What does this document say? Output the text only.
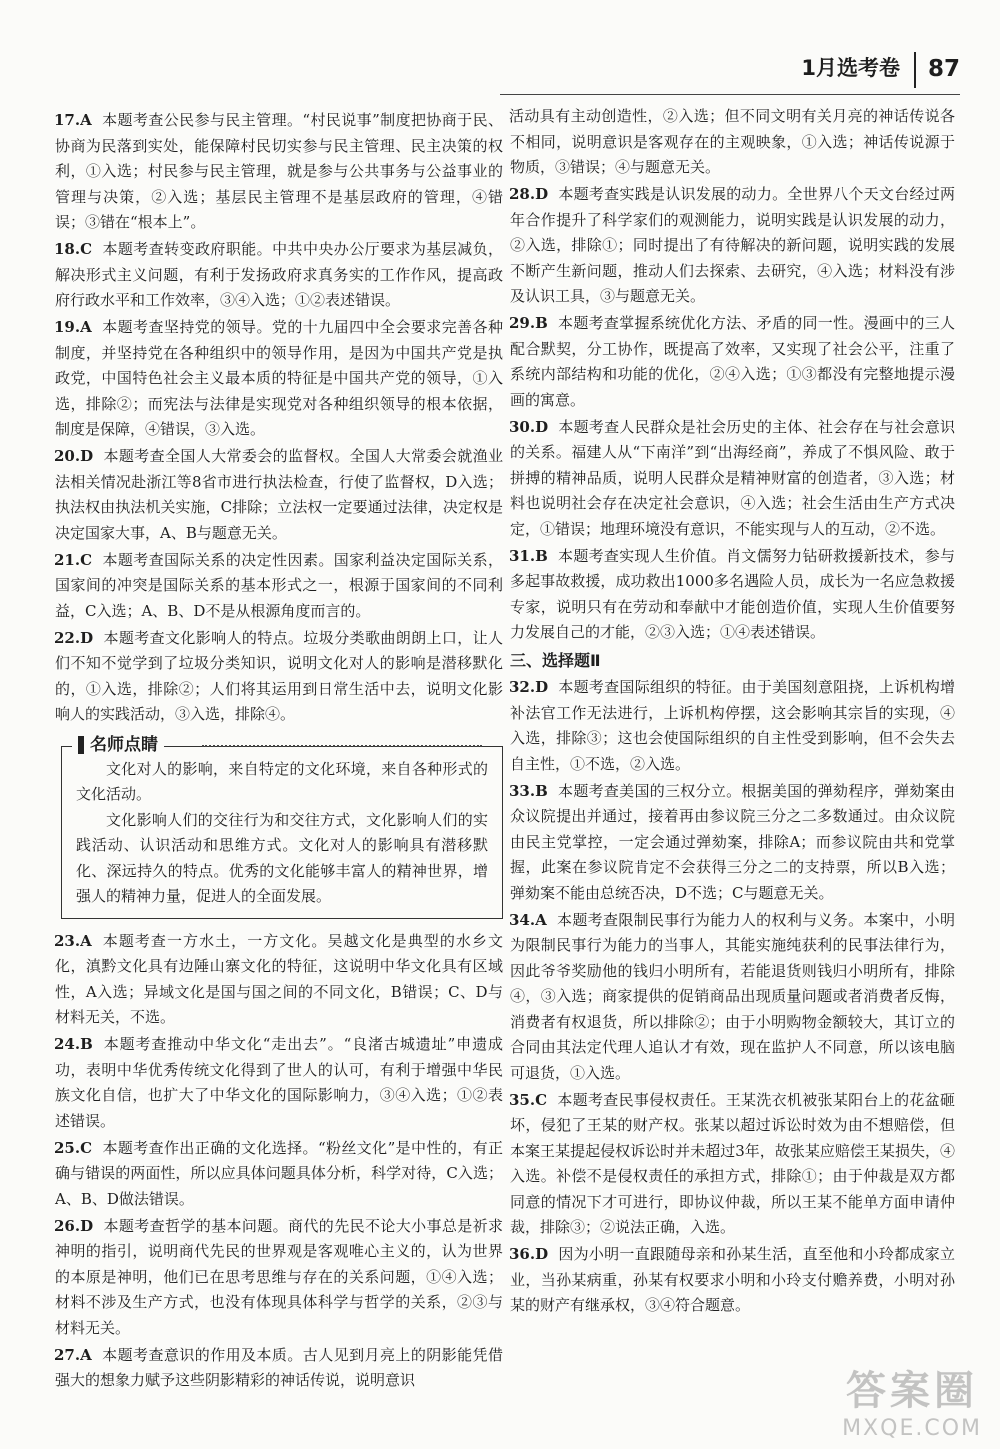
1月选考卷	87
17.A 本题考查公民参与民主管理。“村民说事”制度把协商于民、协商为民落到实处，能保障村民切实参与民主管理、民主决策的权利，①入选；村民参与民主管理，就是参与公共事务与公益事业的管理与决策，②入选；基层民主管理不是基层政府的管理，④错误；③错在“根本上”。
18.C 本题考查转变政府职能。中共中央办公厅要求为基层减负，解决形式主义问题，有利于发扬政府求真务实的工作作风，提高政府行政水平和工作效率，③④入选；①②表述错误。
19.A 本题考查坚持党的领导。党的十九届四中全会要求完善各种制度，并坚持党在各种组织中的领导作用，是因为中国共产党是执政党，中国特色社会主义最本质的特征是中国共产党的领导，①入选，排除②；而宪法与法律是实现党对各种组织领导的根本依据，制度是保障，④错误，③入选。
20.D 本题考查全国人大常委会的监督权。全国人大常委会就渔业法相关情况赴浙江等8省市进行执法检查，行使了监督权，D入选；执法权由执法机关实施，C排除；立法权一定要通过法律，决定权是决定国家大事，A、B与题意无关。
21.C 本题考查国际关系的决定性因素。国家利益决定国际关系，国家间的冲突是国际关系的基本形式之一，根源于国家间的不同利益，C入选；A、B、D不是从根源角度而言的。
22.D 本题考查文化影响人的特点。垃圾分类歌曲朗朗上口，让人们不知不觉学到了垃圾分类知识，说明文化对人的影响是潜移默化的，①入选，排除②；人们将其运用到日常生活中去，说明文化影响人的实践活动，③入选，排除④。
名师点睛

文化对人的影响，来自特定的文化环境，来自各种形式的文化活动。

文化影响人们的交往行为和交往方式，文化影响人们的实践活动、认识活动和思维方式。文化对人的影响具有潜移默化、深远持久的特点。优秀的文化能够丰富人的精神世界，增强人的精神力量，促进人的全面发展。

23.A 本题考查一方水土，一方文化。吴越文化是典型的水乡文化，滇黔文化具有边陲山寨文化的特征，这说明中华文化具有区域性，A入选；异域文化是国与国之间的不同文化，B错误；C、D与材料无关，不选。
24.B 本题考查推动中华文化“走出去”。“良渚古城遗址”申遗成功，表明中华优秀传统文化得到了世人的认可，有利于增强中华民族文化自信，也扩大了中华文化的国际影响力，③④入选；①②表述错误。
25.C 本题考查作出正确的文化选择。“粉丝文化”是中性的，有正确与错误的两面性，所以应具体问题具体分析，科学对待，C入选；A、B、D做法错误。
26.D 本题考查哲学的基本问题。商代的先民不论大小事总是祈求神明的指引，说明商代先民的世界观是客观唯心主义的，认为世界的本原是神明，他们已在思考思维与存在的关系问题，①④入选；材料不涉及生产方式，也没有体现具体科学与哲学的关系，②③与材料无关。
27.A 本题考查意识的作用及本质。古人见到月亮上的阴影能凭借强大的想象力赋予这些阴影精彩的神话传说，说明意识
活动具有主动创造性，②入选；但不同文明有关月亮的神话传说各不相同，说明意识是客观存在的主观映象，①入选；神话传说源于物质，③错误；④与题意无关。
28.D 本题考查实践是认识发展的动力。全世界八个天文台经过两年合作提升了科学家们的观测能力，说明实践是认识发展的动力，②入选，排除①；同时提出了有待解决的新问题，说明实践的发展不断产生新问题，推动人们去探索、去研究，④入选；材料没有涉及认识工具，③与题意无关。
29.B 本题考查掌握系统优化方法、矛盾的同一性。漫画中的三人配合默契，分工协作，既提高了效率，又实现了社会公平，注重了系统内部结构和功能的优化，②④入选；①③都没有完整地提示漫画的寓意。
30.D 本题考查人民群众是社会历史的主体、社会存在与社会意识的关系。福建人从“下南洋”到“出海经商”，养成了不惧风险、敢于拼搏的精神品质，说明人民群众是精神财富的创造者，③入选；材料也说明社会存在决定社会意识，④入选；社会生活由生产方式决定，①错误；地理环境没有意识，不能实现与人的互动，②不选。
31.B 本题考查实现人生价值。肖文儒努力钻研救援新技术，参与多起事故救援，成功救出1000多名遇险人员，成长为一名应急救援专家，说明只有在劳动和奉献中才能创造价值，实现人生价值要努力发展自己的才能，②③入选；①④表述错误。
三、选择题Ⅱ
32.D 本题考查国际组织的特征。由于美国刻意阻挠，上诉机构增补法官工作无法进行，上诉机构停摆，这会影响其宗旨的实现，④入选，排除③；这也会使国际组织的自主性受到影响，但不会失去自主性，①不选，②入选。
33.B 本题考查美国的三权分立。根据美国的弹劾程序，弹劾案由众议院提出并通过，接着再由参议院三分之二多数通过。由众议院由民主党掌控，一定会通过弹劾案，排除A；而参议院由共和党掌握，此案在参议院肯定不会获得三分之二的支持票，所以B入选；弹劾案不能由总统否决，D不选；C与题意无关。
34.A 本题考查限制民事行为能力人的权利与义务。本案中，小明为限制民事行为能力的当事人，其能实施纯获利的民事法律行为，因此爷爷奖励他的钱归小明所有，若能退货则钱归小明所有，排除④，③入选；商家提供的促销商品出现质量问题或者消费者反悔，消费者有权退货，所以排除②；由于小明购物金额较大，其订立的合同由其法定代理人追认才有效，现在监护人不同意，所以该电脑可退货，①入选。
35.C 本题考查民事侵权责任。王某洗衣机被张某阳台上的花盆砸坏，侵犯了王某的财产权。张某以超过诉讼时效为由不想赔偿，但本案王某提起侵权诉讼时并未超过3年，故张某应赔偿王某损失，④入选。补偿不是侵权责任的承担方式，排除①；由于仲裁是双方都同意的情况下才可进行，即协议仲裁，所以王某不能单方面申请仲裁，排除③；②说法正确，入选。
36.D 因为小明一直跟随母亲和孙某生活，直至他和小玲都成家立业，当孙某病重，孙某有权要求小明和小玲支付赡养费，小明对孙某的财产有继承权，③④符合题意。
答案圈
MXQE.COM
